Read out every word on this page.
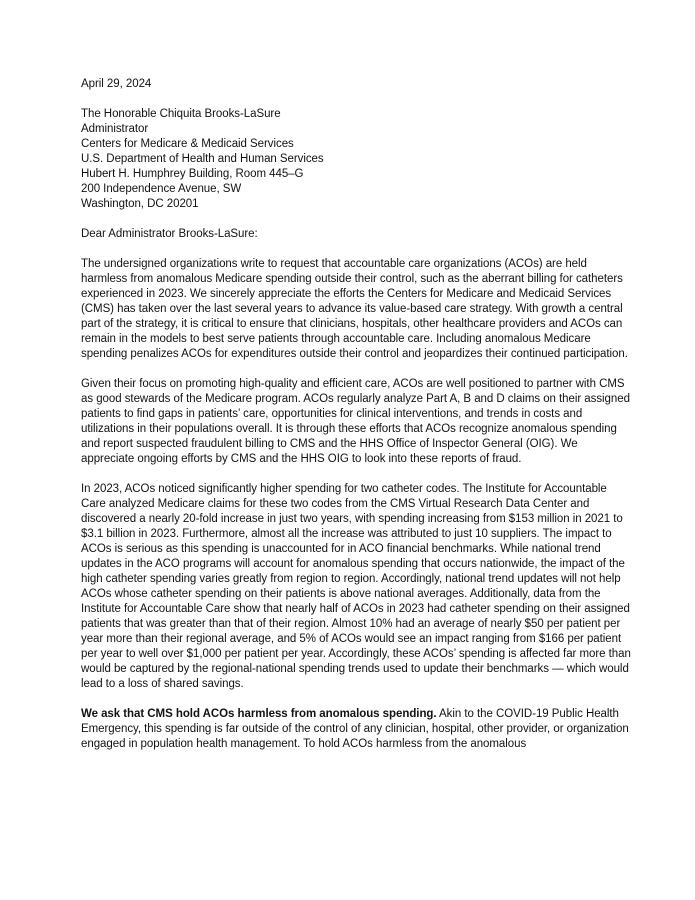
April 29, 2024
The Honorable Chiquita Brooks-LaSure
Administrator
Centers for Medicare & Medicaid Services
U.S. Department of Health and Human Services
Hubert H. Humphrey Building, Room 445–G
200 Independence Avenue, SW
Washington, DC 20201
Dear Administrator Brooks-LaSure:

The undersigned organizations write to request that accountable care organizations (ACOs) are held harmless from anomalous Medicare spending outside their control, such as the aberrant billing for catheters experienced in 2023. We sincerely appreciate the efforts the Centers for Medicare and Medicaid Services (CMS) has taken over the last several years to advance its value-based care strategy. With growth a central part of the strategy, it is critical to ensure that clinicians, hospitals, other healthcare providers and ACOs can remain in the models to best serve patients through accountable care. Including anomalous Medicare spending penalizes ACOs for expenditures outside their control and jeopardizes their continued participation.

Given their focus on promoting high-quality and efficient care, ACOs are well positioned to partner with CMS as good stewards of the Medicare program. ACOs regularly analyze Part A, B and D claims on their assigned patients to find gaps in patients’ care, opportunities for clinical interventions, and trends in costs and utilizations in their populations overall. It is through these efforts that ACOs recognize anomalous spending and report suspected fraudulent billing to CMS and the HHS Office of Inspector General (OIG). We appreciate ongoing efforts by CMS and the HHS OIG to look into these reports of fraud.

In 2023, ACOs noticed significantly higher spending for two catheter codes. The Institute for Accountable Care analyzed Medicare claims for these two codes from the CMS Virtual Research Data Center and discovered a nearly 20-fold increase in just two years, with spending increasing from $153 million in 2021 to $3.1 billion in 2023. Furthermore, almost all the increase was attributed to just 10 suppliers. The impact to ACOs is serious as this spending is unaccounted for in ACO financial benchmarks. While national trend updates in the ACO programs will account for anomalous spending that occurs nationwide, the impact of the high catheter spending varies greatly from region to region. Accordingly, national trend updates will not help ACOs whose catheter spending on their patients is above national averages. Additionally, data from the Institute for Accountable Care show that nearly half of ACOs in 2023 had catheter spending on their assigned patients that was greater than that of their region. Almost 10% had an average of nearly $50 per patient per year more than their regional average, and 5% of ACOs would see an impact ranging from $166 per patient per year to well over $1,000 per patient per year. Accordingly, these ACOs’ spending is affected far more than would be captured by the regional-national spending trends used to update their benchmarks — which would lead to a loss of shared savings.

We ask that CMS hold ACOs harmless from anomalous spending. Akin to the COVID-19 Public Health Emergency, this spending is far outside of the control of any clinician, hospital, other provider, or organization engaged in population health management. To hold ACOs harmless from the anomalous
